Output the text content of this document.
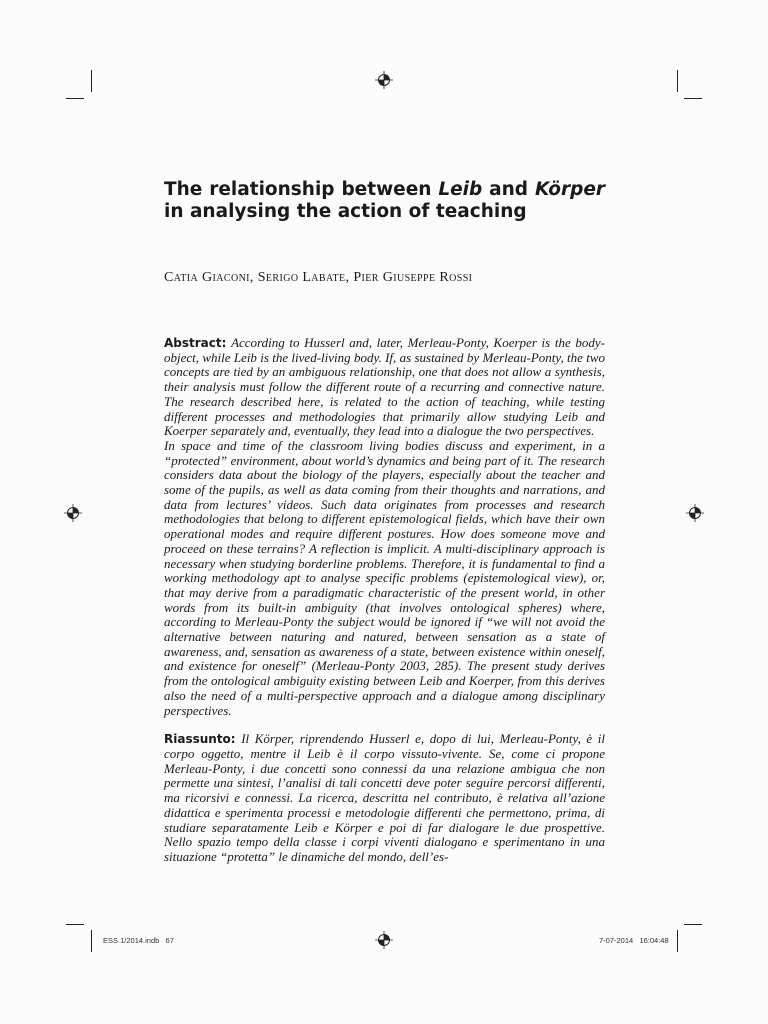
The relationship between Leib and Körper in analysing the action of teaching
Catia Giaconi, Serigo Labate, Pier Giuseppe Rossi

Abstract: According to Husserl and, later, Merleau-Ponty, Koerper is the body-object, while Leib is the lived-living body. If, as sustained by Merleau-Ponty, the two concepts are tied by an ambiguous relationship, one that does not allow a synthesis, their analysis must follow the different route of a recurring and connective nature. The research described here, is related to the action of teaching, while testing different processes and methodologies that primarily allow studying Leib and Koerper separately and, eventually, they lead into a dialogue the two perspectives.

In space and time of the classroom living bodies discuss and experiment, in a “protected” environment, about world’s dynamics and being part of it. The research considers data about the biology of the players, especially about the teacher and some of the pupils, as well as data coming from their thoughts and narrations, and data from lectures’ videos. Such data originates from processes and research methodologies that belong to different epistemological fields, which have their own operational modes and require different postures. How does someone move and proceed on these terrains? A reflection is implicit. A multi-disciplinary approach is necessary when studying borderline problems. Therefore, it is fundamental to find a working methodology apt to analyse specific problems (epistemological view), or, that may derive from a paradigmatic characteristic of the present world, in other words from its built-in ambiguity (that involves ontological spheres) where, according to Merleau-Ponty the subject would be ignored if “we will not avoid the alternative between naturing and natured, between sensation as a state of awareness, and, sensation as awareness of a state, between existence within oneself, and existence for oneself” (Merleau-Ponty 2003, 285). The present study derives from the ontological ambiguity existing between Leib and Koerper, from this derives also the need of a multi-perspective approach and a dialogue among disciplinary perspectives.

Riassunto: Il Körper, riprendendo Husserl e, dopo di lui, Merleau-Ponty, è il corpo oggetto, mentre il Leib è il corpo vissuto-vivente. Se, come ci propone Merleau-Ponty, i due concetti sono connessi da una relazione ambigua che non permette una sintesi, l’analisi di tali concetti deve poter seguire percorsi differenti, ma ricorsivi e connessi. La ricerca, descritta nel contributo, è relativa all’azione didattica e sperimenta processi e metodologie differenti che permettono, prima, di studiare separatamente Leib e Körper e poi di far dialogare le due prospettive. Nello spazio tempo della classe i corpi viventi dialogano e sperimentano in una situazione “protetta” le dinamiche del mondo, dell’es-

ESS 1/2014.indb   67	7-07-2014   16:04:48
